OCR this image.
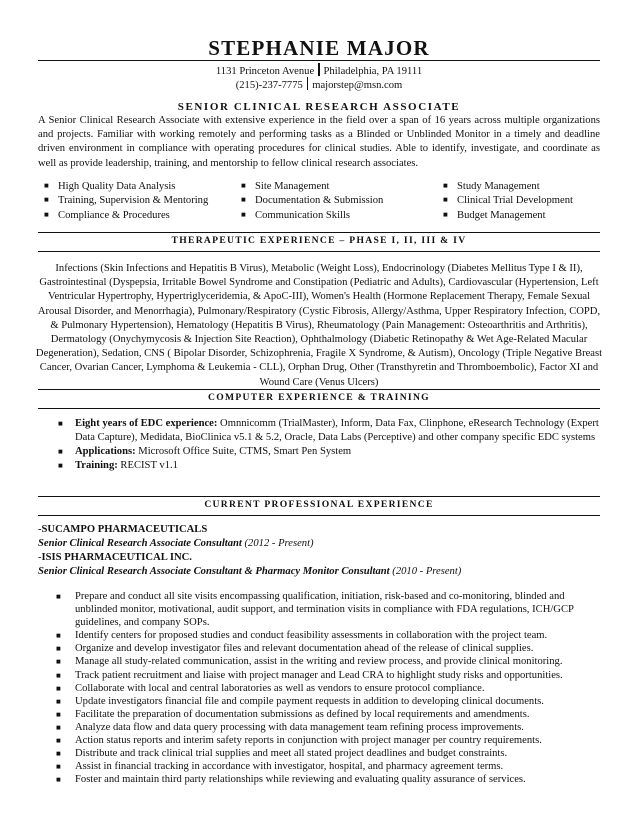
STEPHANIE MAJOR
1131 Princeton Avenue Philadelphia, PA 19111
(215)-237-7775 majorstep@msn.com
SENIOR CLINICAL RESEARCH ASSOCIATE
A Senior Clinical Research Associate with extensive experience in the field over a span of 16 years across multiple organizations and projects. Familiar with working remotely and performing tasks as a Blinded or Unblinded Monitor in a timely and deadline driven environment in compliance with operating procedures for clinical studies. Able to identify, investigate, and coordinate as well as provide leadership, training, and mentorship to fellow clinical research associates.
■ High Quality Data Analysis
■ Training, Supervision & Mentoring
■ Compliance & Procedures
■ Site Management
■ Documentation & Submission
■ Communication Skills
■ Study Management
■ Clinical Trial Development
■ Budget Management
THERAPEUTIC EXPERIENCE – PHASE I, II, III & IV
Infections (Skin Infections and Hepatitis B Virus), Metabolic (Weight Loss), Endocrinology (Diabetes Mellitus Type I & II), Gastrointestinal (Dyspepsia, Irritable Bowel Syndrome and Constipation (Pediatric and Adults), Cardiovascular (Hypertension, Left Ventricular Hypertrophy, Hypertriglyceridemia, & ApoC-III), Women's Health (Hormone Replacement Therapy, Female Sexual Arousal Disorder, and Menorrhagia), Pulmonary/Respiratory (Cystic Fibrosis, Allergy/Asthma, Upper Respiratory Infection, COPD, & Pulmonary Hypertension), Hematology (Hepatitis B Virus), Rheumatology (Pain Management: Osteoarthritis and Arthritis), Dermatology (Onychymycosis & Injection Site Reaction), Ophthalmology (Diabetic Retinopathy & Wet Age-Related Macular Degeneration), Sedation, CNS ( Bipolar Disorder, Schizophrenia, Fragile X Syndrome, & Autism), Oncology (Triple Negative Breast Cancer, Ovarian Cancer, Lymphoma & Leukemia - CLL), Orphan Drug, Other (Transthyretin and Thromboembolic), Factor XI and Wound Care (Venus Ulcers)
COMPUTER EXPERIENCE & TRAINING
■ Eight years of EDC experience: Omnnicomm (TrialMaster), Inform, Data Fax, Clinphone, eResearch Technology (Expert Data Capture), Medidata, BioClinica v5.1 & 5.2, Oracle, Data Labs (Perceptive) and other company specific EDC systems
■ Applications: Microsoft Office Suite, CTMS, Smart Pen System
■ Training: RECIST v1.1
CURRENT PROFESSIONAL EXPERIENCE
-SUCAMPO PHARMACEUTICALS
Senior Clinical Research Associate Consultant (2012 - Present)
-ISIS PHARMACEUTICAL INC.
Senior Clinical Research Associate Consultant & Pharmacy Monitor Consultant (2010 - Present)
■ Prepare and conduct all site visits encompassing qualification, initiation, risk-based and co-monitoring, blinded and unblinded monitor, motivational, audit support, and termination visits in compliance with FDA regulations, ICH/GCP guidelines, and company SOPs.
■ Identify centers for proposed studies and conduct feasibility assessments in collaboration with the project team.
■ Organize and develop investigator files and relevant documentation ahead of the release of clinical supplies.
■ Manage all study-related communication, assist in the writing and review process, and provide clinical monitoring.
■ Track patient recruitment and liaise with project manager and Lead CRA to highlight study risks and opportunities.
■ Collaborate with local and central laboratories as well as vendors to ensure protocol compliance.
■ Update investigators financial file and compile payment requests in addition to developing clinical documents.
■ Facilitate the preparation of documentation submissions as defined by local requirements and amendments.
■ Analyze data flow and data query processing with data management team refining process improvements.
■ Action status reports and interim safety reports in conjunction with project manager per country requirements.
■ Distribute and track clinical trial supplies and meet all stated project deadlines and budget constraints.
■ Assist in financial tracking in accordance with investigator, hospital, and pharmacy agreement terms.
■ Foster and maintain third party relationships while reviewing and evaluating quality assurance of services.
